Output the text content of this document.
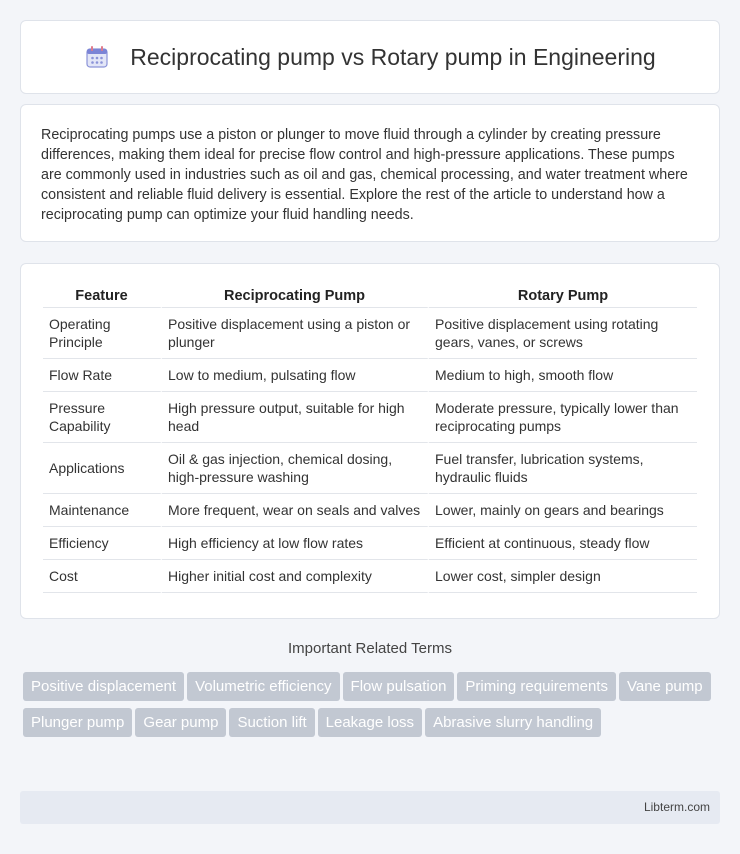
Reciprocating pump vs Rotary pump in Engineering

Reciprocating pumps use a piston or plunger to move fluid through a cylinder by creating pressure differences, making them ideal for precise flow control and high-pressure applications. These pumps are commonly used in industries such as oil and gas, chemical processing, and water treatment where consistent and reliable fluid delivery is essential. Explore the rest of the article to understand how a reciprocating pump can optimize your fluid handling needs.

Feature	Reciprocating Pump	Rotary Pump
Operating Principle	Positive displacement using a piston or plunger	Positive displacement using rotating gears, vanes, or screws
Flow Rate	Low to medium, pulsating flow	Medium to high, smooth flow
Pressure Capability	High pressure output, suitable for high head	Moderate pressure, typically lower than reciprocating pumps
Applications	Oil & gas injection, chemical dosing, high-pressure washing	Fuel transfer, lubrication systems, hydraulic fluids
Maintenance	More frequent, wear on seals and valves	Lower, mainly on gears and bearings
Efficiency	High efficiency at low flow rates	Efficient at continuous, steady flow
Cost	Higher initial cost and complexity	Lower cost, simpler design
Important Related Terms
Positive displacement Volumetric efficiency Flow pulsation Priming requirements Vane pumpPlunger pump Gear pump Suction lift Leakage loss Abrasive slurry handling
Libterm.com
